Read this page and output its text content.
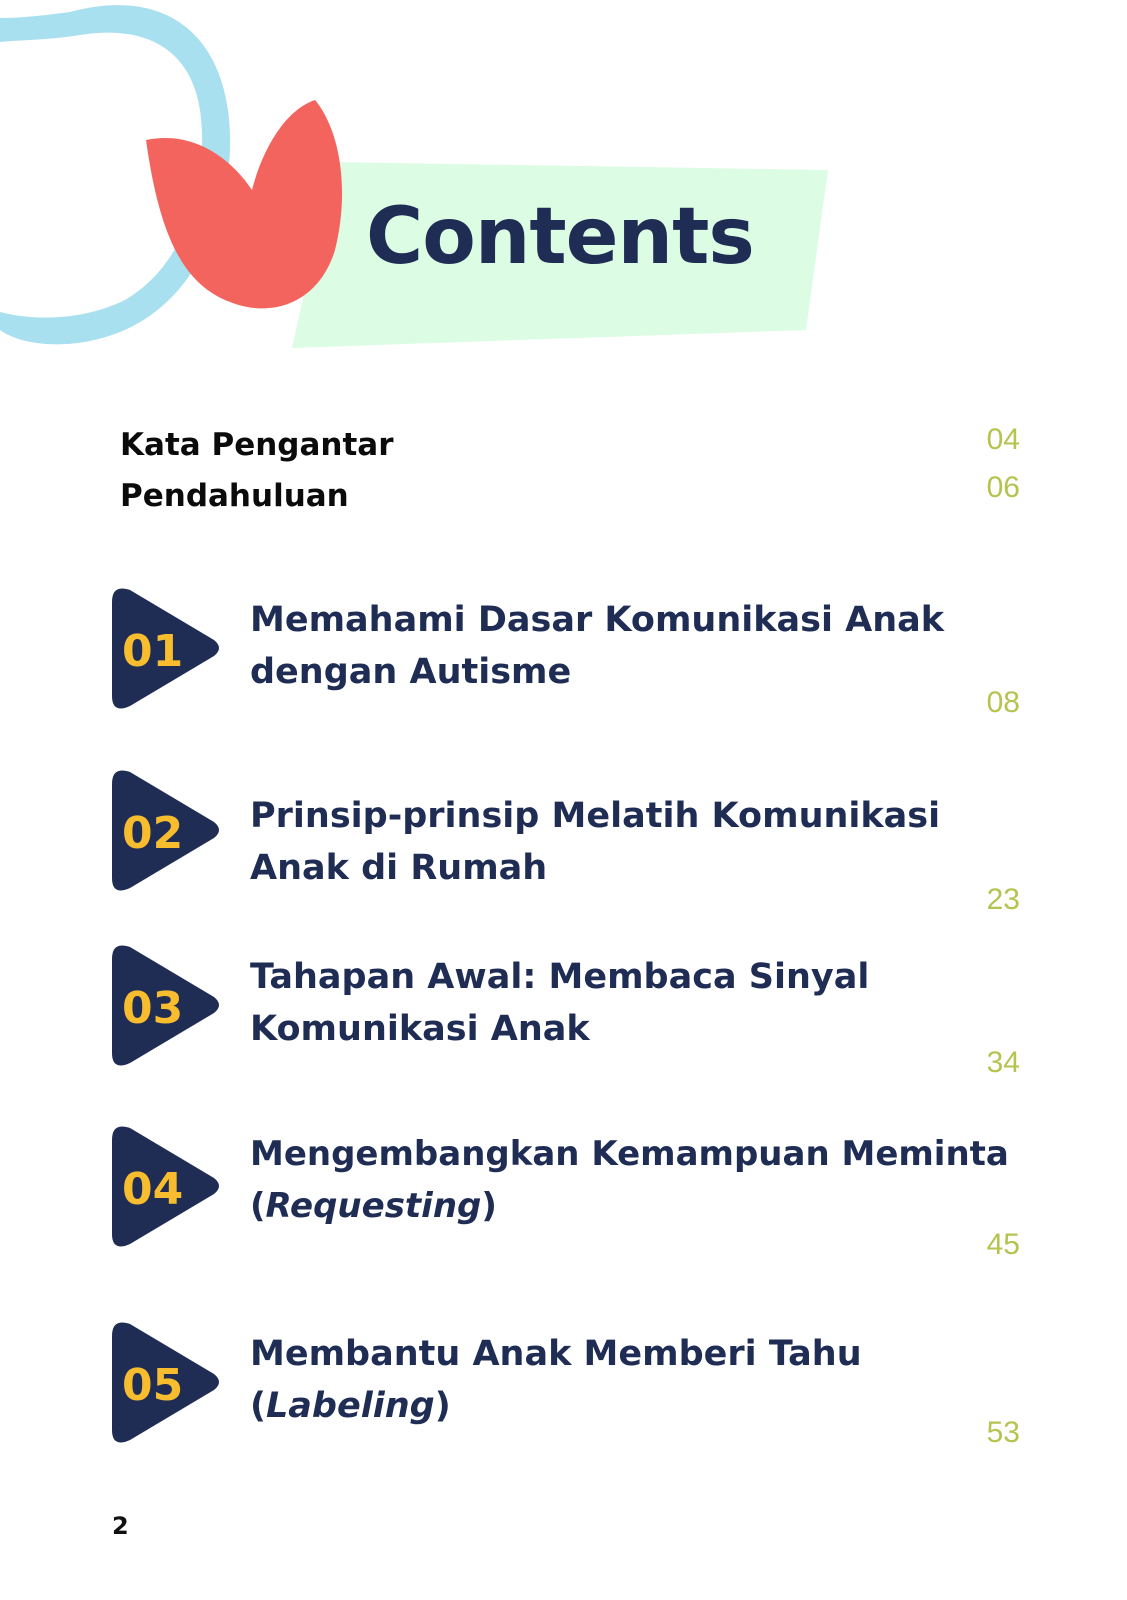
Contents
Kata Pengantar	04
Pendahuluan	06
01
Memahami Dasar Komunikasi Anak
dengan Autisme
08
02 Prinsip-prinsip Melatih Komunikasi
Anak di Rumah
23
03
Tahapan Awal: Membaca Sinyal
Komunikasi Anak
34
04
Mengembangkan Kemampuan Meminta
(Requesting)
45
05
Membantu Anak Memberi Tahu
(Labeling)
53
2
